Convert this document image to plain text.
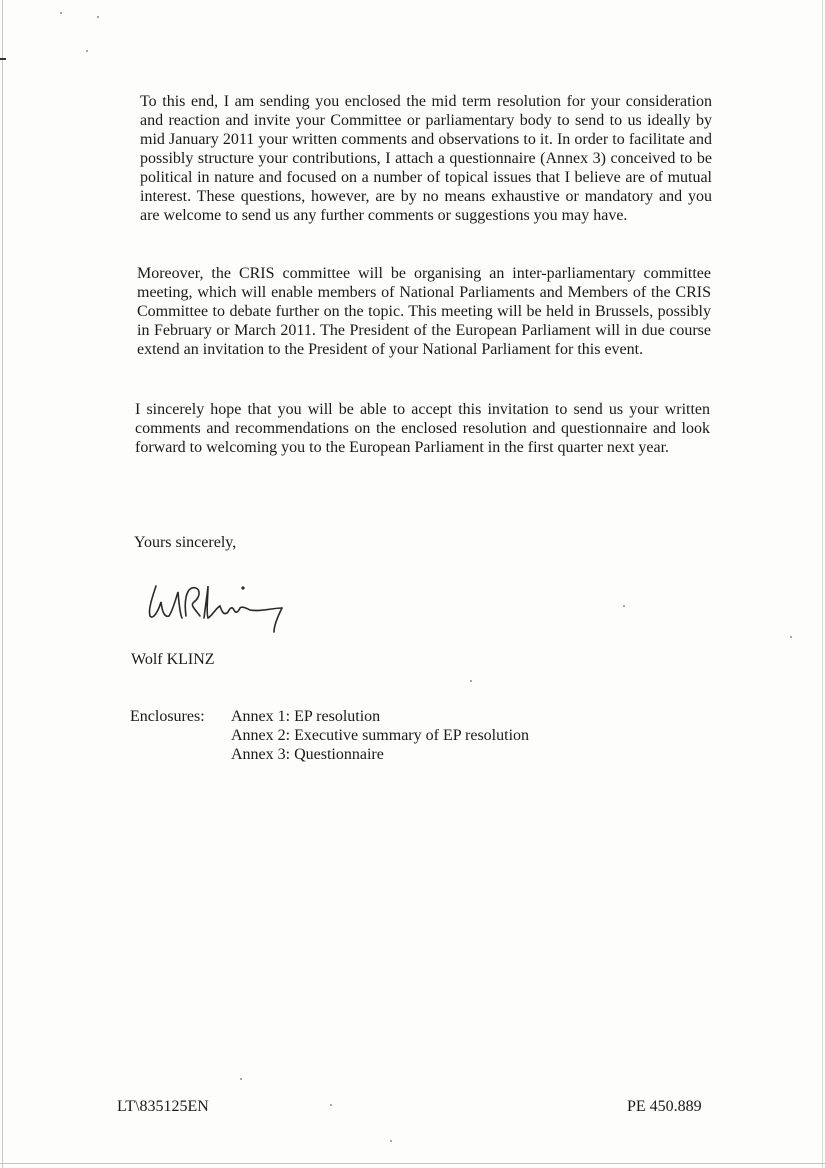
To this end, I am sending you enclosed the mid term resolution for your consideration and reaction and invite your Committee or parliamentary body to send to us ideally by mid January 2011 your written comments and observations to it. In order to facilitate and possibly structure your contributions, I attach a questionnaire (Annex 3) conceived to be political in nature and focused on a number of topical issues that I believe are of mutual interest. These questions, however, are by no means exhaustive or mandatory and you are welcome to send us any further comments or suggestions you may have.

Moreover, the CRIS committee will be organising an inter-parliamentary committee meeting, which will enable members of National Parliaments and Members of the CRIS Committee to debate further on the topic. This meeting will be held in Brussels, possibly in February or March 2011. The President of the European Parliament will in due course extend an invitation to the President of your National Parliament for this event.

I sincerely hope that you will be able to accept this invitation to send us your written comments and recommendations on the enclosed resolution and questionnaire and look forward to welcoming you to the European Parliament in the first quarter next year.

Yours sincerely,
Wolf KLINZ
Enclosures: Annex 1: EP resolution
Annex 2: Executive summary of EP resolution
Annex 3: Questionnaire
LT\835125EN	PE 450.889
